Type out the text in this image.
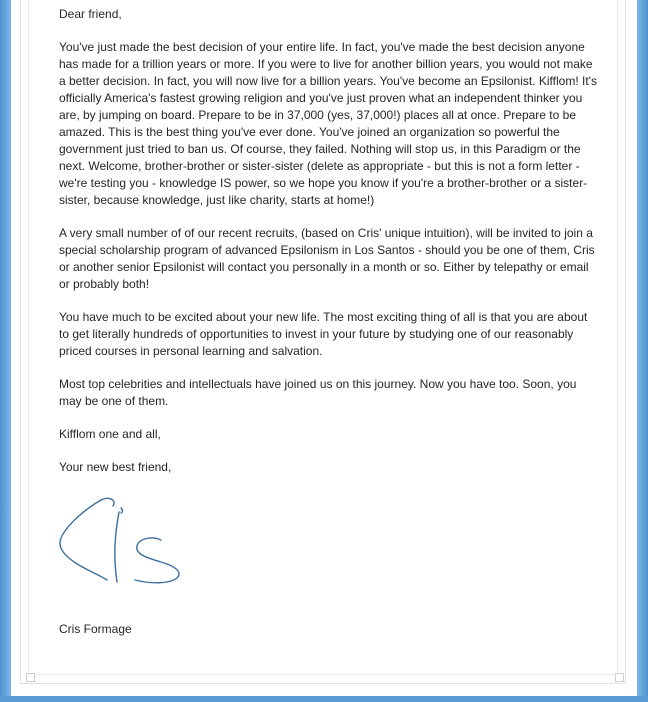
Dear friend,

You've just made the best decision of your entire life. In fact, you've made the best decision anyone has made for a trillion years or more. If you were to live for another billion years, you would not make a better decision. In fact, you will now live for a billion years. You've become an Epsilonist. Kifflom! It's officially America's fastest growing religion and you've just proven what an independent thinker you are, by jumping on board. Prepare to be in 37,000 (yes, 37,000!) places all at once. Prepare to be amazed. This is the best thing you've ever done. You've joined an organization so powerful the government just tried to ban us. Of course, they failed. Nothing will stop us, in this Paradigm or the next. Welcome, brother-brother or sister-sister (delete as appropriate - but this is not a form letter - we're testing you - knowledge IS power, so we hope you know if you're a brother-brother or a sister-sister, because knowledge, just like charity, starts at home!)

A very small number of of our recent recruits, (based on Cris' unique intuition), will be invited to join a special scholarship program of advanced Epsilonism in Los Santos - should you be one of them, Cris or another senior Epsilonist will contact you personally in a month or so. Either by telepathy or email or probably both!

You have much to be excited about your new life. The most exciting thing of all is that you are about to get literally hundreds of opportunities to invest in your future by studying one of our reasonably priced courses in personal learning and salvation.

Most top celebrities and intellectuals have joined us on this journey. Now you have too. Soon, you may be one of them.

Kifflom one and all,

Your new best friend,

Cris Formage
